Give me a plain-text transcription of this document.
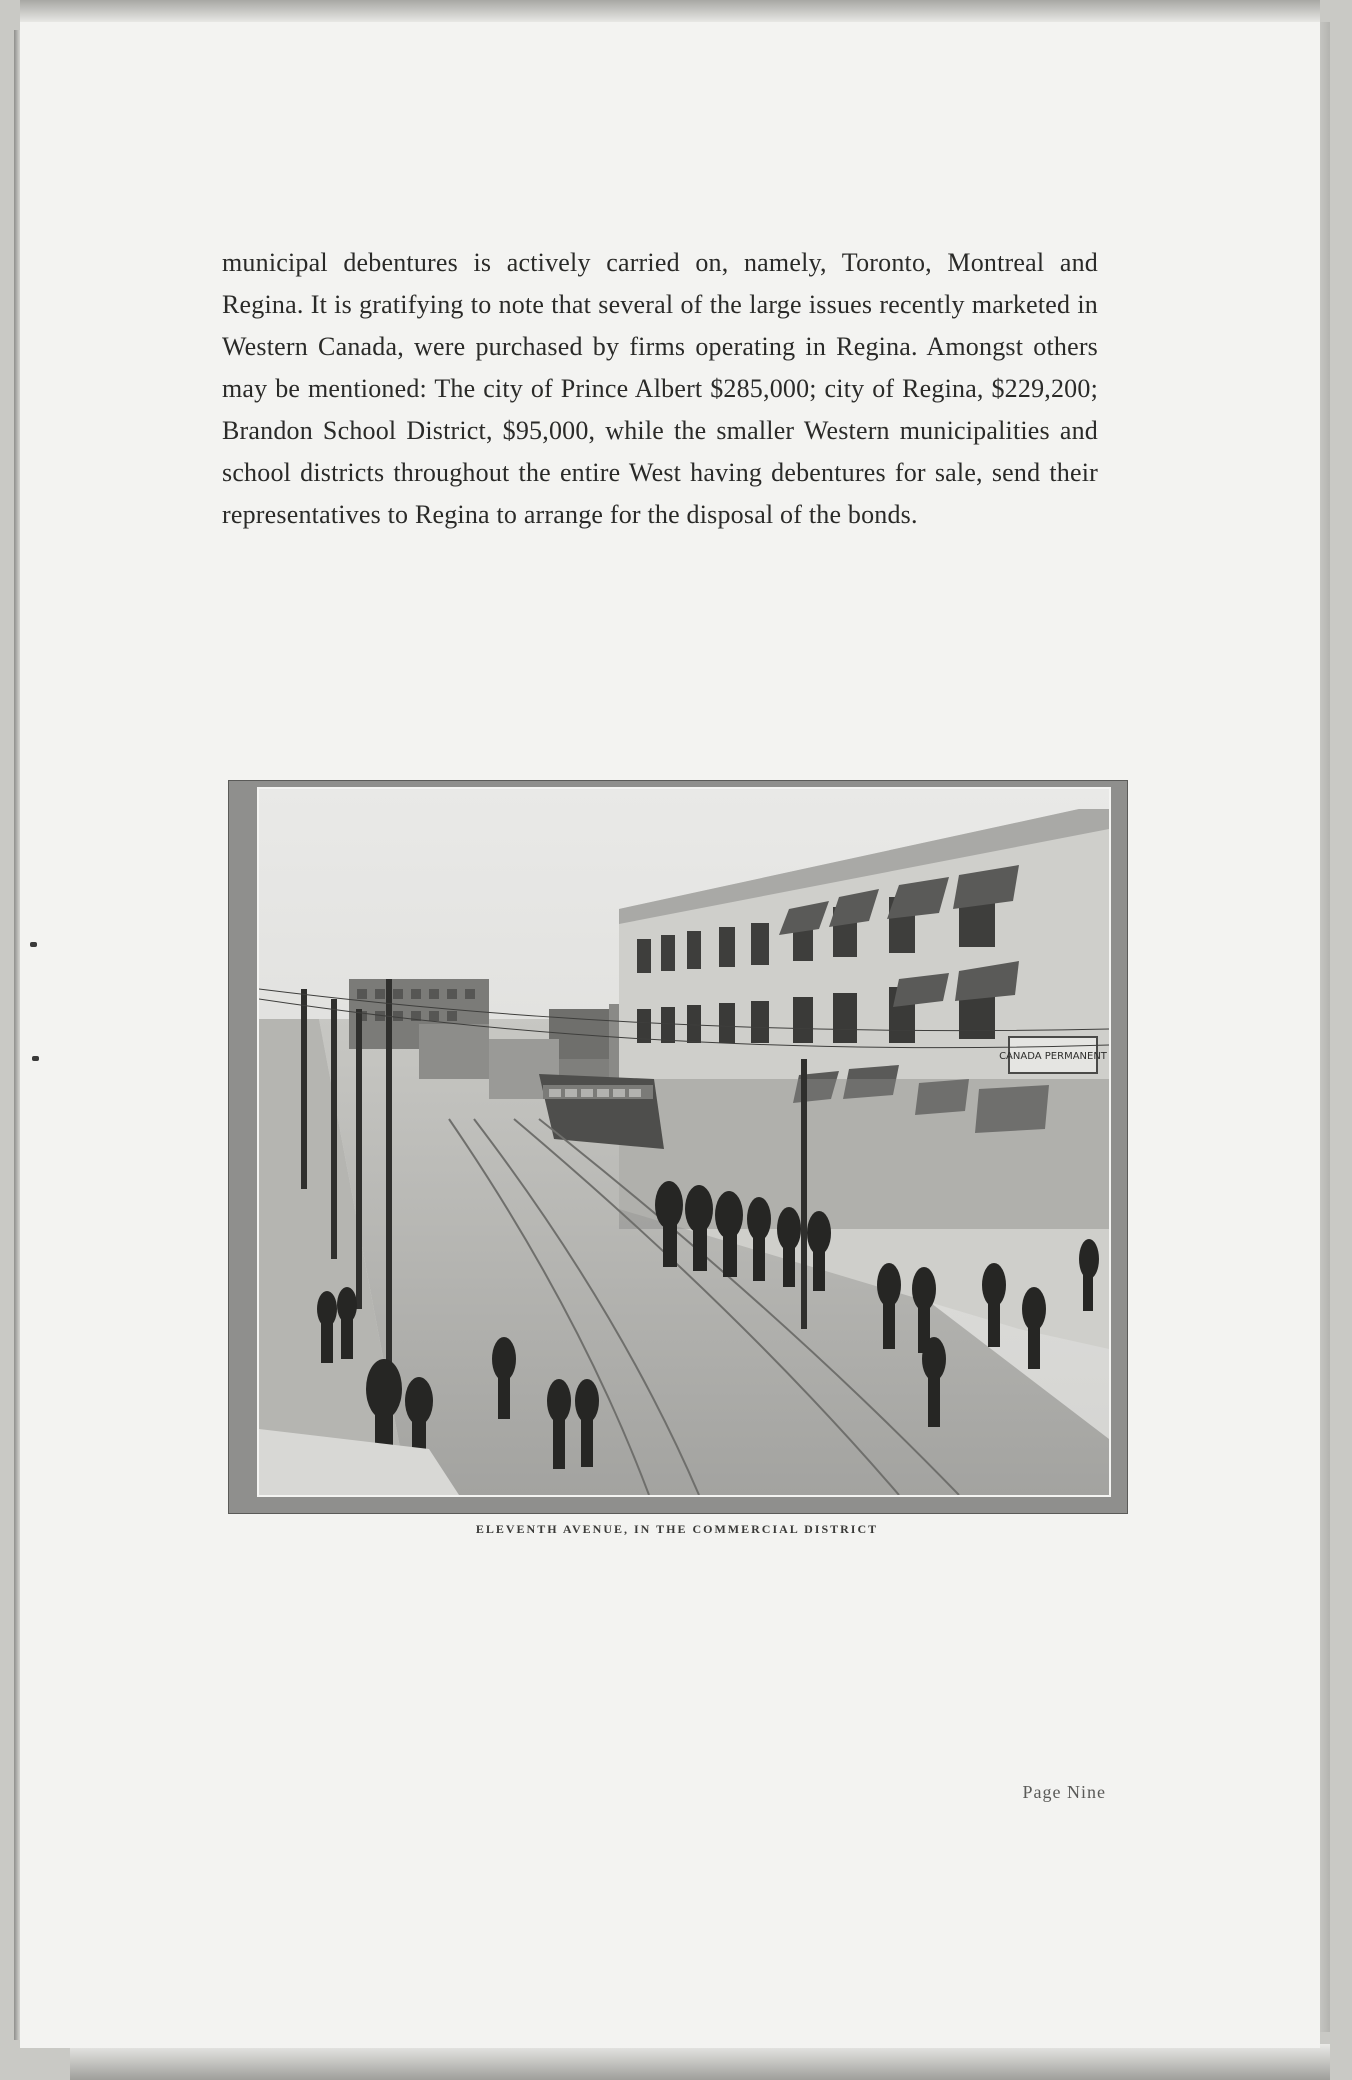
municipal debentures is actively carried on, namely, Toronto, Montreal and Regina. It is gratifying to note that several of the large issues recently marketed in Western Canada, were purchased by firms operating in Regina. Amongst others may be mentioned: The city of Prince Albert $285,000; city of Regina, $229,200; Brandon School District, $95,000, while the smaller Western municipalities and school districts throughout the entire West having debentures for sale, send their representatives to Regina to arrange for the disposal of the bonds.

CANADA PERMANENT
ELEVENTH AVENUE, IN THE COMMERCIAL DISTRICT
Page Nine
